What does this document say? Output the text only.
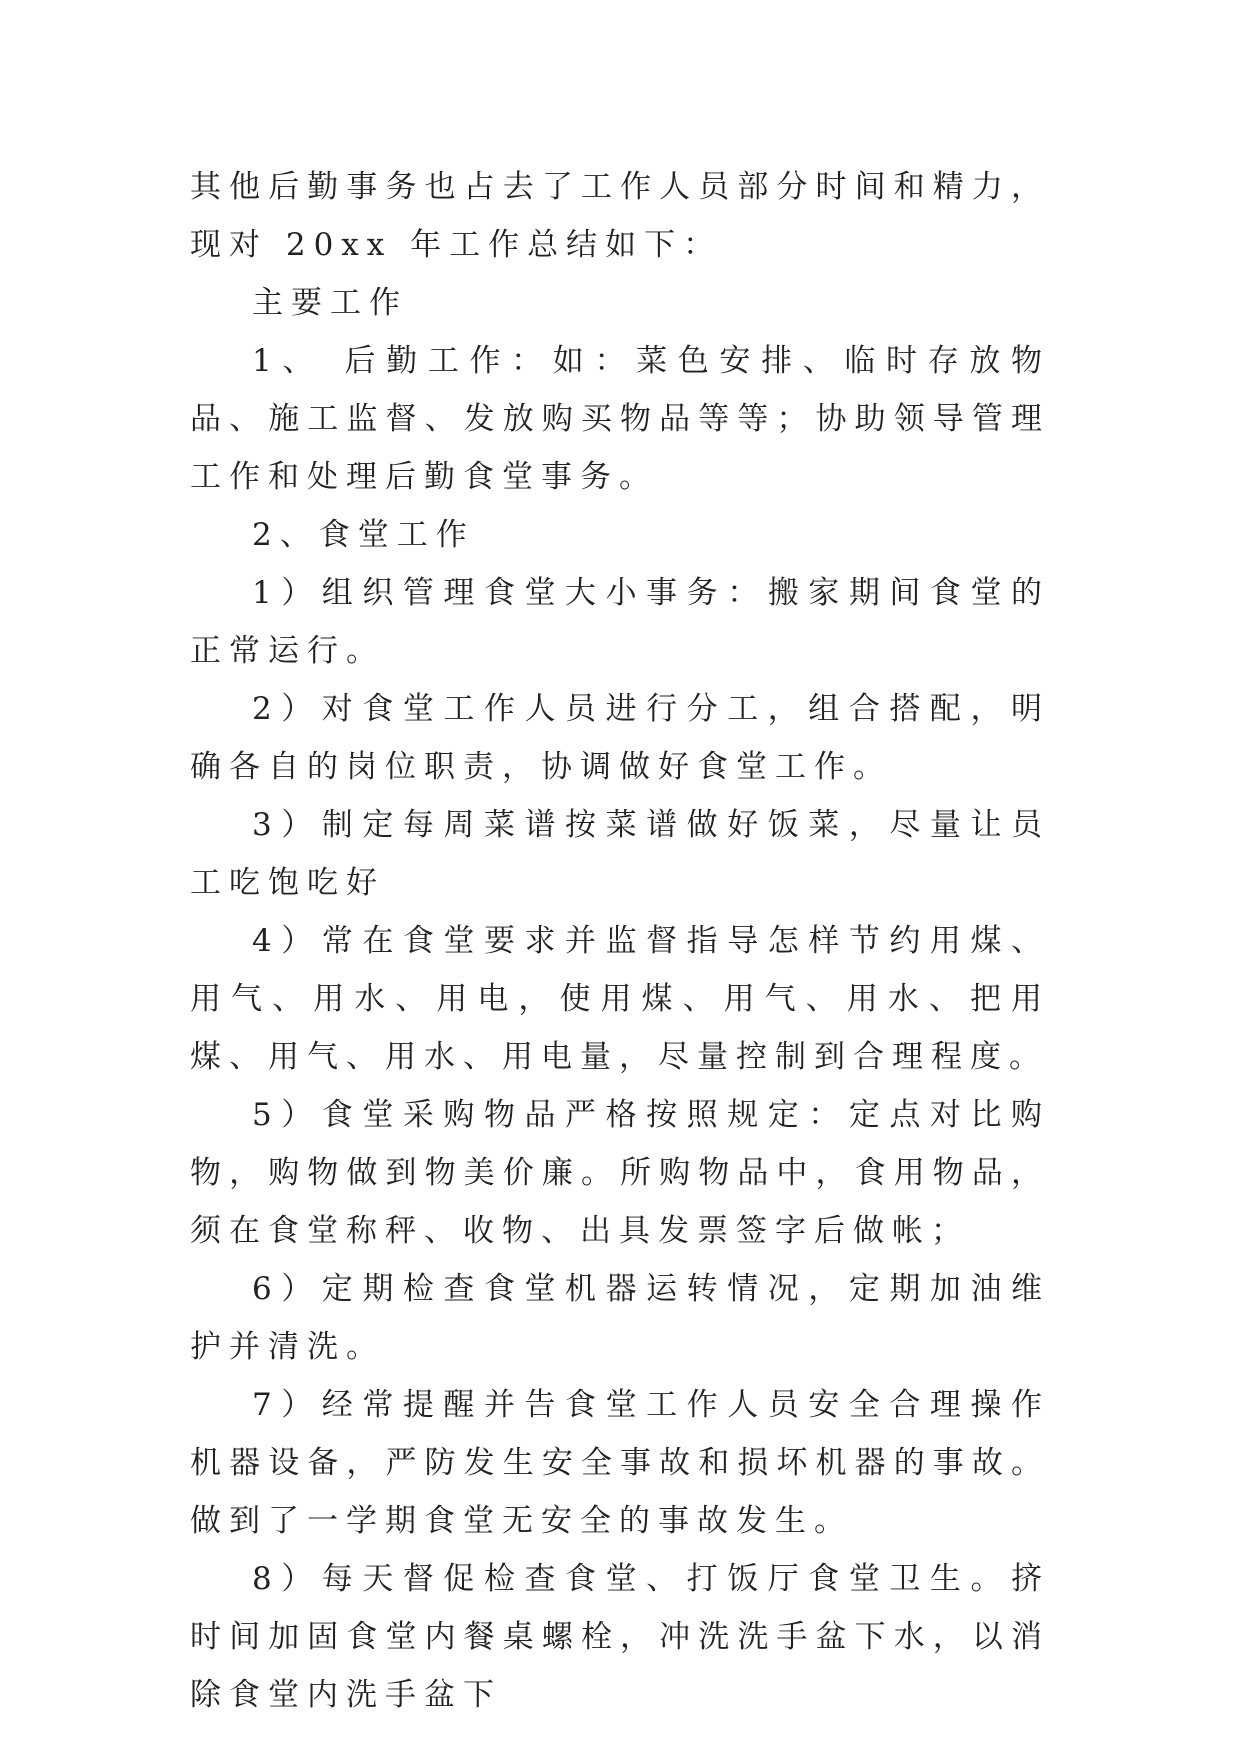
其他后勤事务也占去了工作人员部分时间和精力，现对 20xx 年工作总结如下：

主要工作

1、 后勤工作：如：菜色安排、临时存放物品、施工监督、发放购买物品等等；协助领导管理工作和处理后勤食堂事务。

2、食堂工作

1）组织管理食堂大小事务：搬家期间食堂的正常运行。

2）对食堂工作人员进行分工，组合搭配，明确各自的岗位职责，协调做好食堂工作。

3）制定每周菜谱按菜谱做好饭菜，尽量让员工吃饱吃好

4）常在食堂要求并监督指导怎样节约用煤、用气、用水、用电，使用煤、用气、用水、把用煤、用气、用水、用电量，尽量控制到合理程度。

5）食堂采购物品严格按照规定：定点对比购物，购物做到物美价廉。所购物品中，食用物品，须在食堂称秤、收物、出具发票签字后做帐；

6）定期检查食堂机器运转情况，定期加油维护并清洗。

7）经常提醒并告食堂工作人员安全合理操作机器设备，严防发生安全事故和损坏机器的事故。做到了一学期食堂无安全的事故发生。

8）每天督促检查食堂、打饭厅食堂卫生。挤时间加固食堂内餐桌螺栓，冲洗洗手盆下水，以消除食堂内洗手盆下
